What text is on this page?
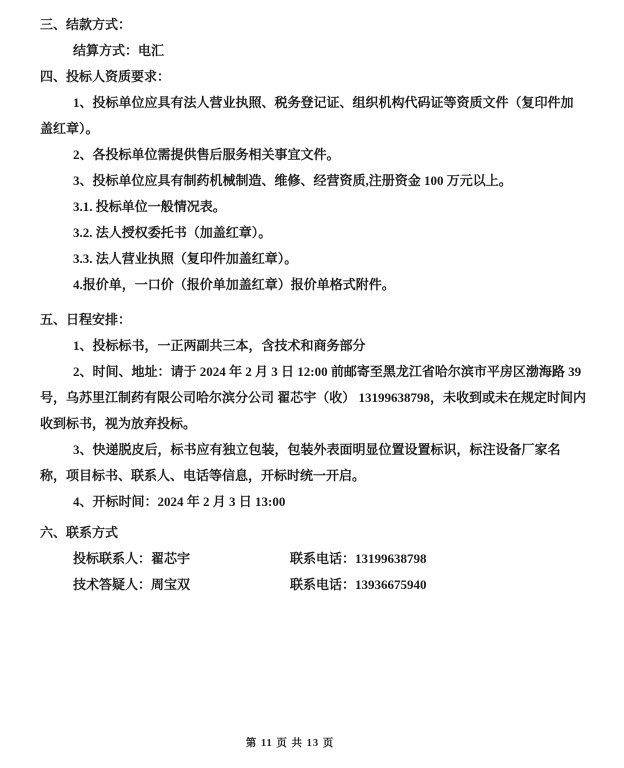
三、结款方式：

结算方式：电汇

四、投标人资质要求：

1、投标单位应具有法人营业执照、税务登记证、组织机构代码证等资质文件（复印件加盖红章）。

2、各投标单位需提供售后服务相关事宜文件。

3、投标单位应具有制药机械制造、维修、经营资质,注册资金 100 万元以上。

3.1. 投标单位一般情况表。

3.2. 法人授权委托书（加盖红章）。

3.3. 法人营业执照（复印件加盖红章）。

4.报价单，一口价（报价单加盖红章）报价单格式附件。

五、日程安排：

1、投标标书，一正两副共三本，含技术和商务部分

2、时间、地址：请于 2024 年 2 月 3 日 12:00 前邮寄至黑龙江省哈尔滨市平房区渤海路 39 号，乌苏里江制药有限公司哈尔滨分公司 翟芯宇（收） 13199638798，未收到或未在规定时间内收到标书，视为放弃投标。

3、快递脱皮后，标书应有独立包装，包装外表面明显位置设置标识，标注设备厂家名称，项目标书、联系人、电话等信息，开标时统一开启。

4、开标时间：2024 年 2 月 3 日 13:00

六、联系方式

投标联系人：翟芯宇	联系电话：13199638798
技术答疑人：周宝双	联系电话：13936675940
第 11 页 共 13 页
